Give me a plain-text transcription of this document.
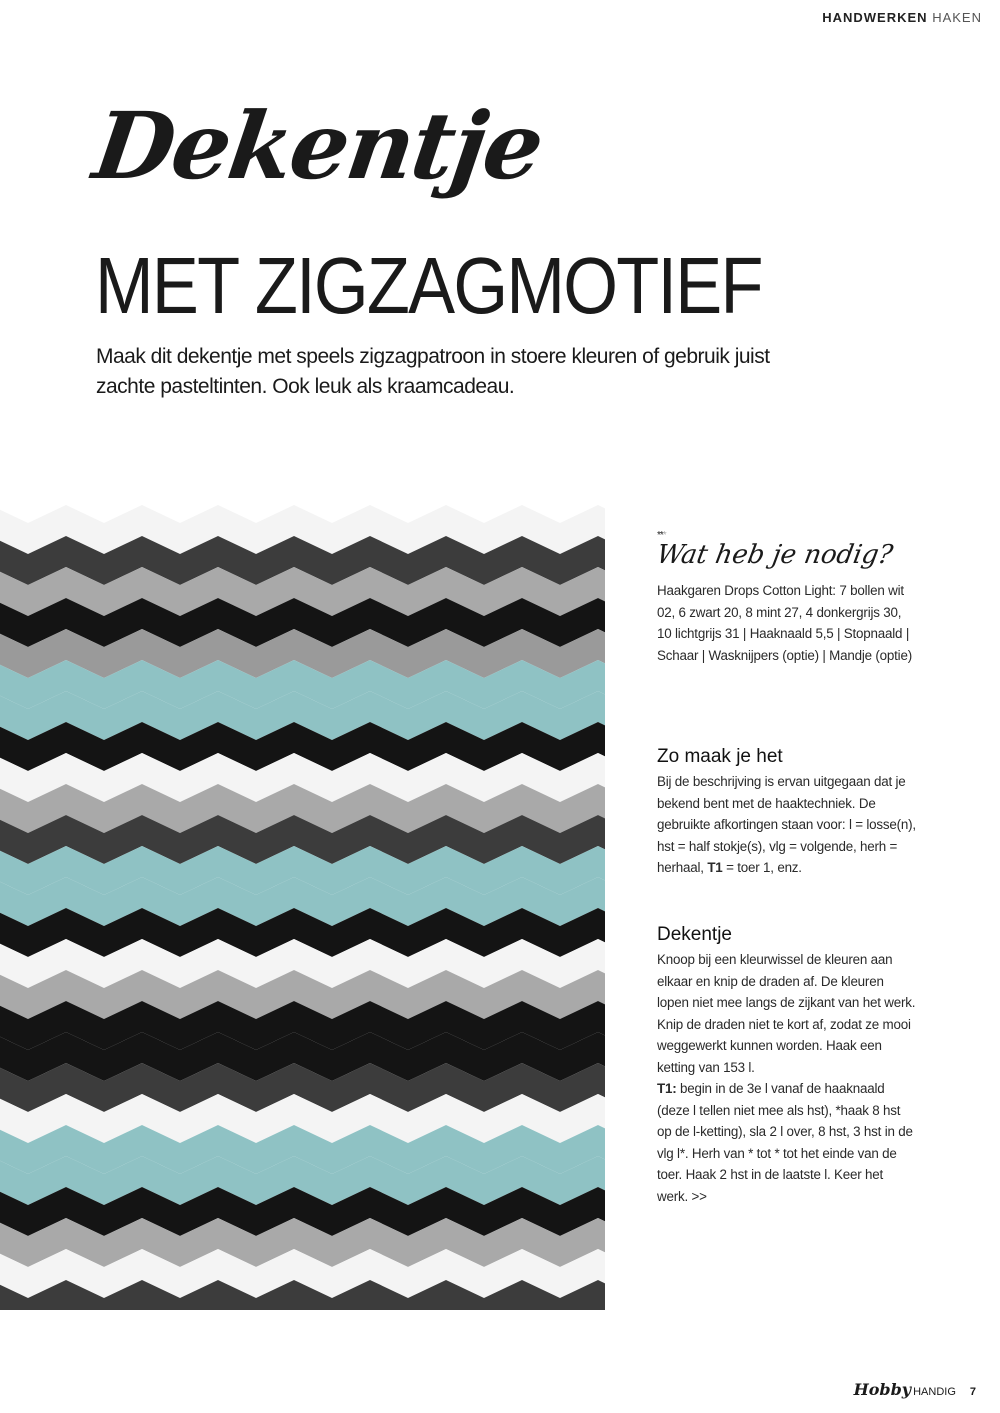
HANDWERKEN HAKEN
Dekentje
MET ZIGZAGMOTIEF
Maak dit dekentje met speels zigzagpatroon in stoere kleuren of gebruik juist zachte pasteltinten. Ook leuk als kraamcadeau.
***
Wat heb je nodig?
Haakgaren Drops Cotton Light: 7 bollen wit 02, 6 zwart 20, 8 mint 27, 4 donkergrijs 30, 10 lichtgrijs 31 | Haaknaald 5,5 | Stopnaald | Schaar | Wasknijpers (optie) | Mandje (optie)
Zo maak je het
Bij de beschrijving is ervan uitgegaan dat je bekend bent met de haaktechniek. De gebruikte afkortingen staan voor: l = losse(n), hst = half stokje(s), vlg = volgende, herh = herhaal, T1 = toer 1, enz.
Dekentje
Knoop bij een kleurwissel de kleuren aan elkaar en knip de draden af. De kleuren lopen niet mee langs de zijkant van het werk. Knip de draden niet te kort af, zodat ze mooi weggewerkt kunnen worden. Haak een ketting van 153 l.
T1: begin in de 3e l vanaf de haaknaald (deze l tellen niet mee als hst), *haak 8 hst op de l-ketting), sla 2 l over, 8 hst, 3 hst in de vlg l*. Herh van * tot * tot het einde van de toer. Haak 2 hst in de laatste l. Keer het werk. >>
Hobby HANDIG 7
